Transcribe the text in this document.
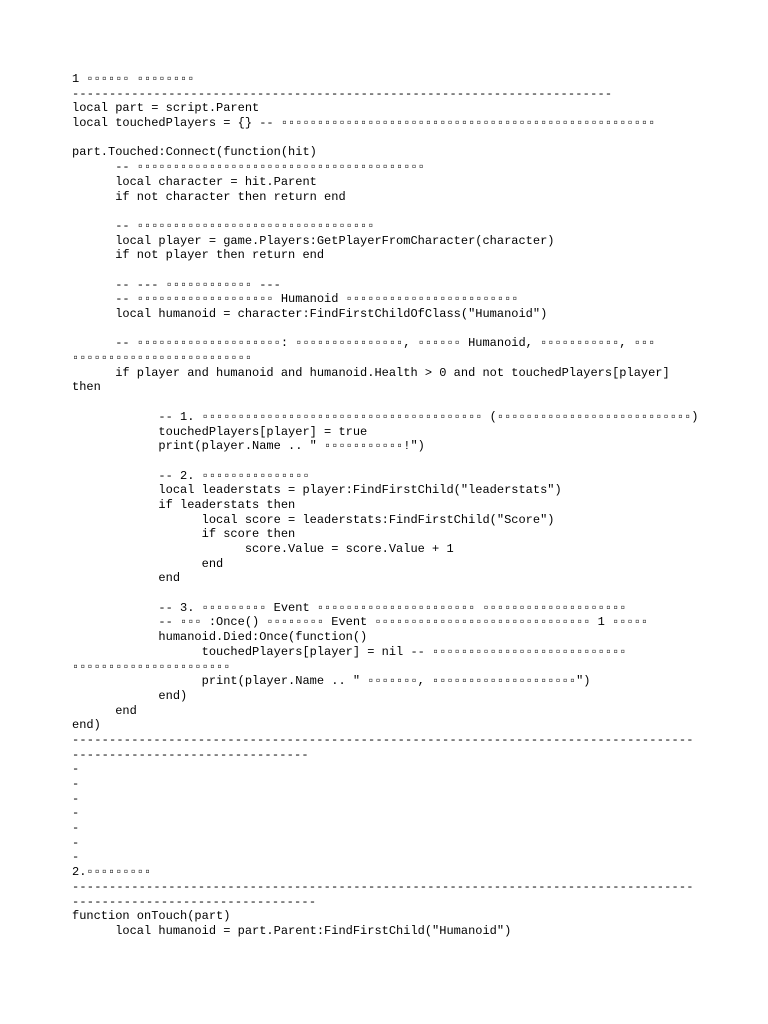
1 ▫▫▫▫▫▫ ▫▫▫▫▫▫▫▫
-------------------------------------------------------------------------
local part = script.Parent
local touchedPlayers = {} -- ▫▫▫▫▫▫▫▫▫▫▫▫▫▫▫▫▫▫▫▫▫▫▫▫▫▫▫▫▫▫▫▫▫▫▫▫▫▫▫▫▫▫▫▫▫▫▫▫▫▫▫▫
part.Touched:Connect(function(hit)
-- ▫▫▫▫▫▫▫▫▫▫▫▫▫▫▫▫▫▫▫▫▫▫▫▫▫▫▫▫▫▫▫▫▫▫▫▫▫▫▫▫
local character = hit.Parent
if not character then return end
-- ▫▫▫▫▫▫▫▫▫▫▫▫▫▫▫▫▫▫▫▫▫▫▫▫▫▫▫▫▫▫▫▫▫
local player = game.Players:GetPlayerFromCharacter(character)
if not player then return end
-- --- ▫▫▫▫▫▫▫▫▫▫▫▫ ---
-- ▫▫▫▫▫▫▫▫▫▫▫▫▫▫▫▫▫▫▫ Humanoid ▫▫▫▫▫▫▫▫▫▫▫▫▫▫▫▫▫▫▫▫▫▫▫▫
local humanoid = character:FindFirstChildOfClass("Humanoid")
-- ▫▫▫▫▫▫▫▫▫▫▫▫▫▫▫▫▫▫▫▫: ▫▫▫▫▫▫▫▫▫▫▫▫▫▫▫, ▫▫▫▫▫▫ Humanoid, ▫▫▫▫▫▫▫▫▫▫▫, ▫▫▫
▫▫▫▫▫▫▫▫▫▫▫▫▫▫▫▫▫▫▫▫▫▫▫▫▫
if player and humanoid and humanoid.Health > 0 and not touchedPlayers[player]
then
-- 1. ▫▫▫▫▫▫▫▫▫▫▫▫▫▫▫▫▫▫▫▫▫▫▫▫▫▫▫▫▫▫▫▫▫▫▫▫▫▫▫ (▫▫▫▫▫▫▫▫▫▫▫▫▫▫▫▫▫▫▫▫▫▫▫▫▫▫▫)
touchedPlayers[player] = true
print(player.Name .. " ▫▫▫▫▫▫▫▫▫▫▫!")
-- 2. ▫▫▫▫▫▫▫▫▫▫▫▫▫▫▫
local leaderstats = player:FindFirstChild("leaderstats")
if leaderstats then
local score = leaderstats:FindFirstChild("Score")
if score then
score.Value = score.Value + 1
end
end
-- 3. ▫▫▫▫▫▫▫▫▫ Event ▫▫▫▫▫▫▫▫▫▫▫▫▫▫▫▫▫▫▫▫▫▫ ▫▫▫▫▫▫▫▫▫▫▫▫▫▫▫▫▫▫▫▫
-- ▫▫▫ :Once() ▫▫▫▫▫▫▫▫ Event ▫▫▫▫▫▫▫▫▫▫▫▫▫▫▫▫▫▫▫▫▫▫▫▫▫▫▫▫▫▫ 1 ▫▫▫▫▫
humanoid.Died:Once(function()
touchedPlayers[player] = nil -- ▫▫▫▫▫▫▫▫▫▫▫▫▫▫▫▫▫▫▫▫▫▫▫▫▫▫▫
▫▫▫▫▫▫▫▫▫▫▫▫▫▫▫▫▫▫▫▫▫▫
print(player.Name .. " ▫▫▫▫▫▫▫, ▫▫▫▫▫▫▫▫▫▫▫▫▫▫▫▫▫▫▫▫")
end)
end
end)
------------------------------------------------------------------------------------
--------------------------------
-
-
-
-
-
-
-
2.▫▫▫▫▫▫▫▫▫
------------------------------------------------------------------------------------
---------------------------------
function onTouch(part)
local humanoid = part.Parent:FindFirstChild("Humanoid")
